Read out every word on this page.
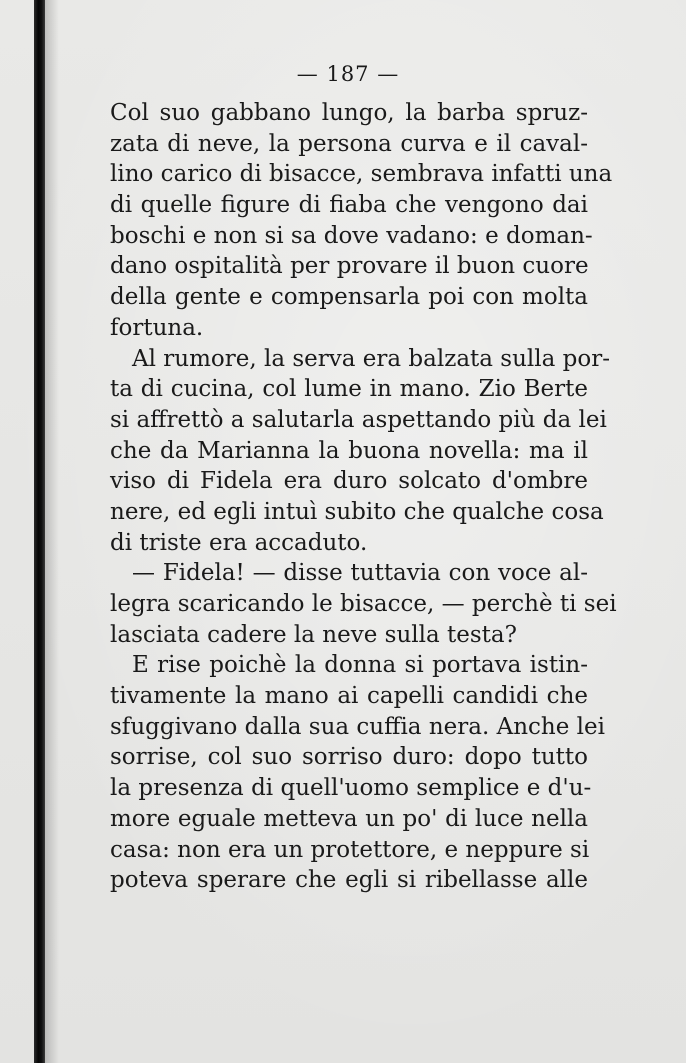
— 187 —
Col suo gabbano lungo, la barba spruz-
zata di neve, la persona curva e il caval-
lino carico di bisacce, sembrava infatti una
di quelle figure di fiaba che vengono dai
boschi e non si sa dove vadano: e doman-
dano ospitalità per provare il buon cuore
della gente e compensarla poi con molta
fortuna.
Al rumore, la serva era balzata sulla por-
ta di cucina, col lume in mano. Zio Berte
si affrettò a salutarla aspettando più da lei
che da Marianna la buona novella: ma il
viso di Fidela era duro solcato d'ombre
nere, ed egli intuì subito che qualche cosa
di triste era accaduto.
— Fidela! — disse tuttavia con voce al-
legra scaricando le bisacce, — perchè ti sei
lasciata cadere la neve sulla testa?
E rise poichè la donna si portava istin-
tivamente la mano ai capelli candidi che
sfuggivano dalla sua cuffia nera. Anche lei
sorrise, col suo sorriso duro: dopo tutto
la presenza di quell'uomo semplice e d'u-
more eguale metteva un po' di luce nella
casa: non era un protettore, e neppure si
poteva sperare che egli si ribellasse alle
